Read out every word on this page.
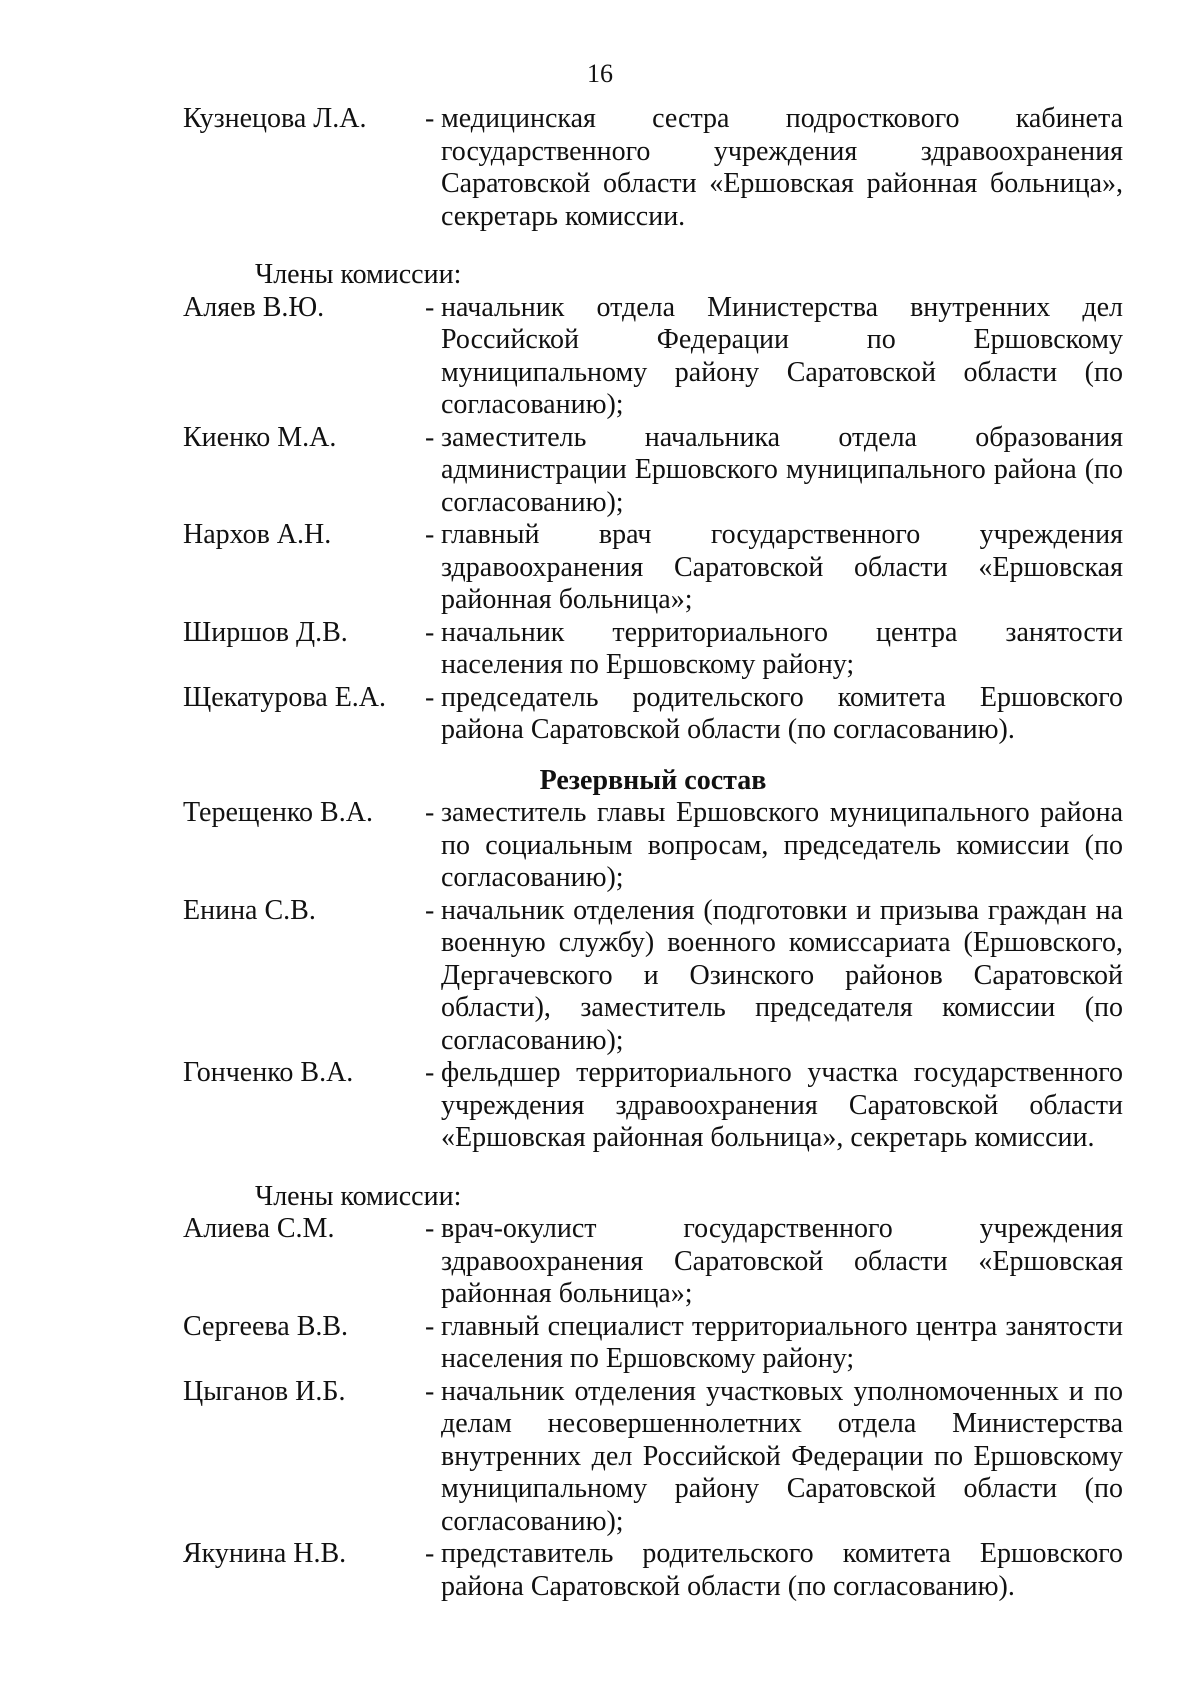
16
Кузнецова Л.А.	- медицинская сестра подросткового кабинета государственного учреждения здравоохранения Саратовской области «Ершовская районная больница», секретарь комиссии.
Члены комиссии:
Аляев В.Ю.	- начальник отдела Министерства внутренних дел Российской Федерации по Ершовскому муниципальному району Саратовской области (по согласованию);
Киенко М.А.	- заместитель начальника отдела образования администрации Ершовского муниципального района (по согласованию);
Нархов А.Н.	- главный врач государственного учреждения здравоохранения Саратовской области «Ершовская районная больница»;
Ширшов Д.В.	- начальник территориального центра занятости населения по Ершовскому району;
Щекатурова Е.А.	- председатель родительского комитета Ершовского района Саратовской области (по согласованию).
Резервный состав
Терещенко В.А.	- заместитель главы Ершовского муниципального района по социальным вопросам, председатель комиссии (по согласованию);
Енина С.В.	- начальник отделения (подготовки и призыва граждан на военную службу) военного комиссариата (Ершовского, Дергачевского и Озинского районов Саратовской области), заместитель председателя комиссии (по согласованию);
Гонченко В.А.	- фельдшер территориального участка государственного учреждения здравоохранения Саратовской области «Ершовская районная больница», секретарь комиссии.
Члены комиссии:
Алиева С.М.	- врач-окулист государственного учреждения здравоохранения Саратовской области «Ершовская районная больница»;
Сергеева В.В.	- главный специалист территориального центра занятости населения по Ершовскому району;
Цыганов И.Б.	- начальник отделения участковых уполномоченных и по делам несовершеннолетних отдела Министерства внутренних дел Российской Федерации по Ершовскому муниципальному району Саратовской области (по согласованию);
Якунина Н.В.	- представитель родительского комитета Ершовского района Саратовской области (по согласованию).
